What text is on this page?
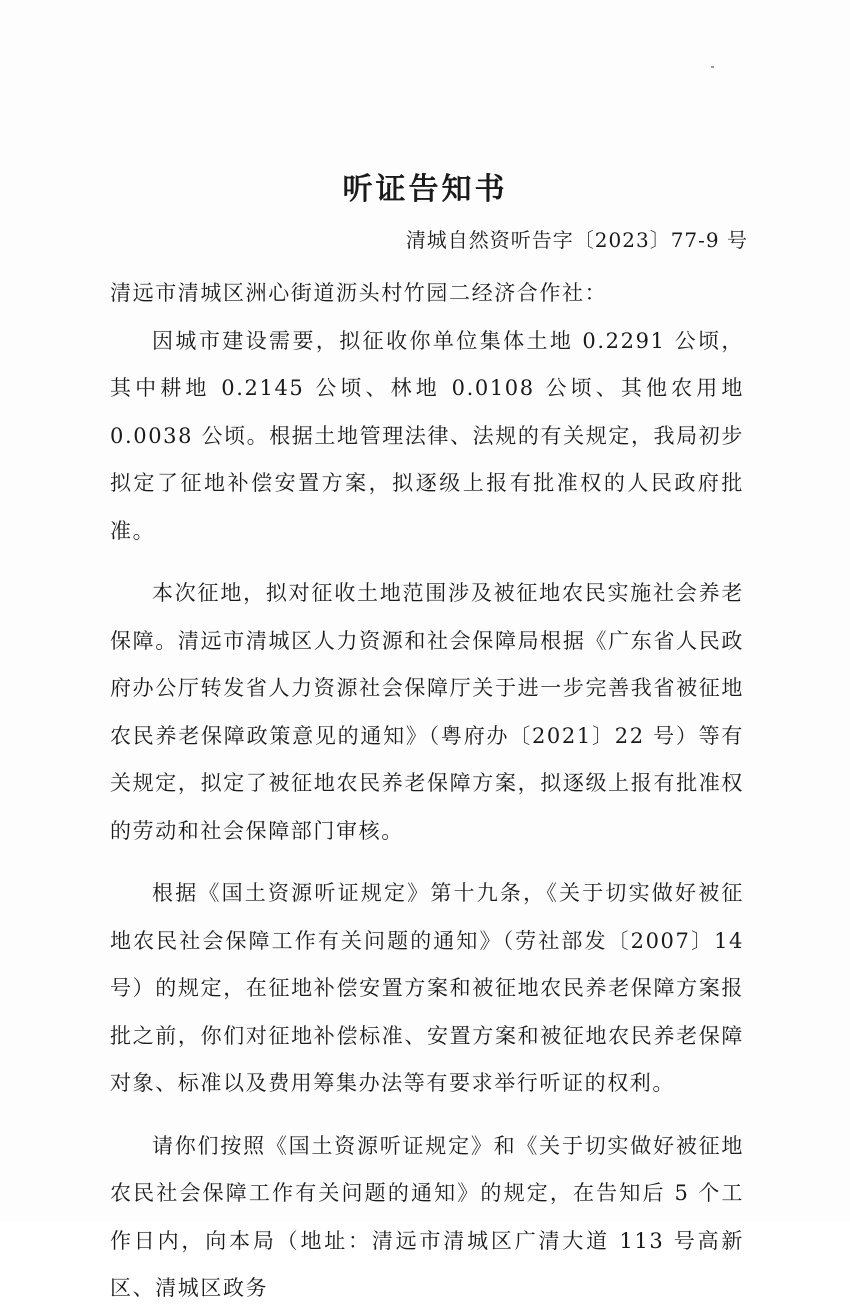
听证告知书
清城自然资听告字〔2023〕77-9 号

清远市清城区洲心街道沥头村竹园二经济合作社：

因城市建设需要，拟征收你单位集体土地 0.2291 公顷，其中耕地 0.2145 公顷、林地 0.0108 公顷、其他农用地 0.0038 公顷。根据土地管理法律、法规的有关规定，我局初步拟定了征地补偿安置方案，拟逐级上报有批准权的人民政府批准。

本次征地，拟对征收土地范围涉及被征地农民实施社会养老保障。清远市清城区人力资源和社会保障局根据《广东省人民政府办公厅转发省人力资源社会保障厅关于进一步完善我省被征地农民养老保障政策意见的通知》（粤府办〔2021〕22 号）等有关规定，拟定了被征地农民养老保障方案，拟逐级上报有批准权的劳动和社会保障部门审核。

根据《国土资源听证规定》第十九条，《关于切实做好被征地农民社会保障工作有关问题的通知》（劳社部发〔2007〕14 号）的规定，在征地补偿安置方案和被征地农民养老保障方案报批之前，你们对征地补偿标准、安置方案和被征地农民养老保障对象、标准以及费用筹集办法等有要求举行听证的权利。

请你们按照《国土资源听证规定》和《关于切实做好被征地农民社会保障工作有关问题的通知》的规定，在告知后 5 个工作日内，向本局（地址：清远市清城区广清大道 113 号高新区、清城区政务
